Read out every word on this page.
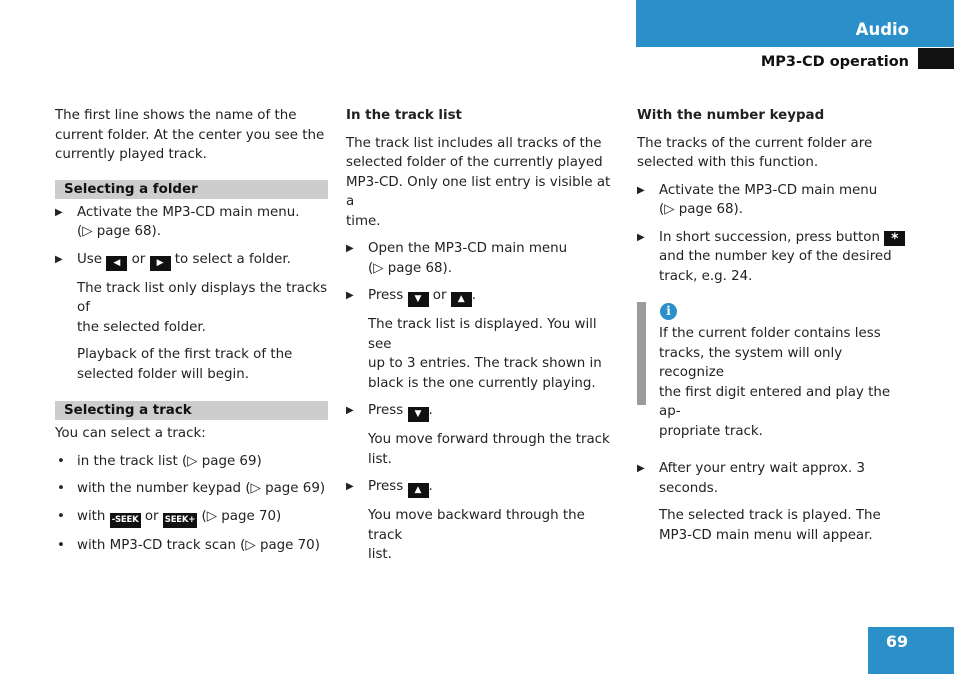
Audio
MP3-CD operation

The first line shows the name of the

current folder. At the center you see the

currently played track.

Selecting a folder
▶ Activate the MP3-CD main menu.

(▷ page 68).

▶ Use ◀ or ▶ to select a folder.

The track list only displays the tracks of

the selected folder.

Playback of the first track of the

selected folder will begin.

Selecting a track

You can select a track:

• in the track list (▷ page 69)

• with the number keypad (▷ page 69)

• with -SEEK or SEEK+ (▷ page 70)

• with MP3-CD track scan (▷ page 70)

In the track list

The track list includes all tracks of the

selected folder of the currently played

MP3-CD. Only one list entry is visible at a

time.

▶ Open the MP3-CD main menu

(▷ page 68).

▶ Press ▼ or ▲ .

The track list is displayed. You will see

up to 3 entries. The track shown in

black is the one currently playing.

▶ Press ▼ .

You move forward through the track

list.

▶ Press ▲ .

You move backward through the track

list.

With the number keypad

The tracks of the current folder are

selected with this function.

▶ Activate the MP3-CD main menu

(▷ page 68).

▶ In short succession, press button *

and the number key of the desired

track, e.g. 24.

i

If the current folder contains less

tracks, the system will only recognize

the first digit entered and play the ap-

propriate track.

▶ After your entry wait approx. 3

seconds.

The selected track is played. The

MP3-CD main menu will appear.

69
